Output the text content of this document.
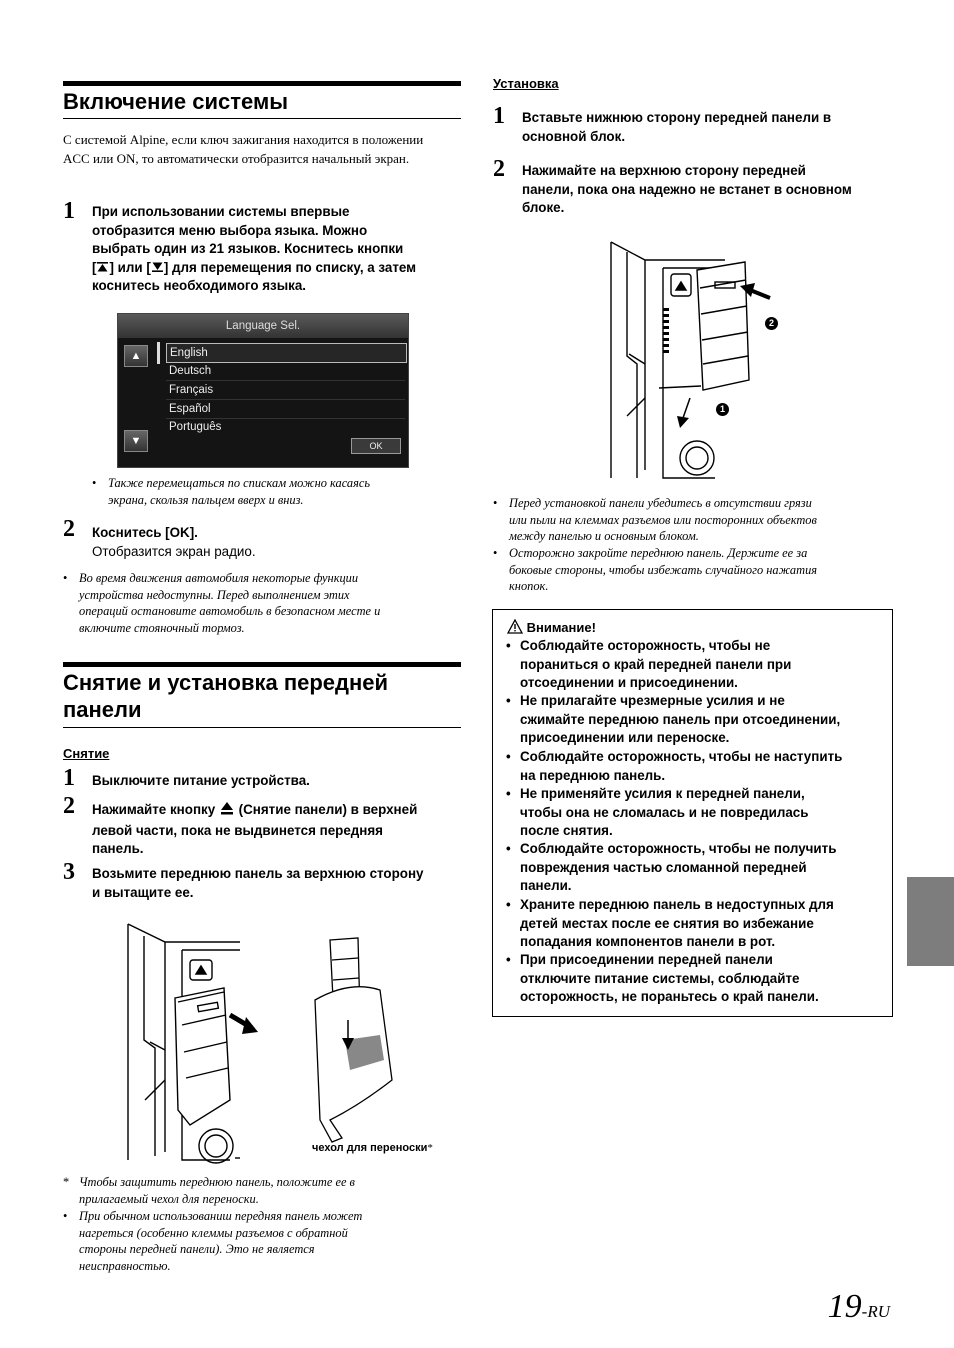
Включение системы
С системой Alpine, если ключ зажигания находится в положении ACC или ON, то автоматически отобразится начальный экран.
1 При использовании системы впервые
отобразится меню выбора языка. Можно
выбрать один из 21 языков. Коснитесь кнопки
[ ] или [ ] для перемещения по списку, а затем
коснитесь необходимого языка.
Language Sel.
▲
▼
English
Deutsch
Français
Español
Português
OK
• Также перемещаться по спискам можно касаясь
экрана, скользя пальцем вверх и вниз.
2 Коснитесь [OK].
Отобразится экран радио.
• Во время движения автомобиля некоторые функции
устройства недоступны. Перед выполнением этих
операций остановите автомобиль в безопасном месте и
включите стояночный тормоз.
Снятие и установка передней
панели
Снятие
1 Выключите питание устройства.
2 Нажимайте кнопку (Снятие панели) в верхней
левой части, пока не выдвинется передняя
панель.
3 Возьмите переднюю панель за верхнюю сторону
и вытащите ее.
чехол для переноски*
* Чтобы защитить переднюю панель, положите ее в
прилагаемый чехол для переноски.
• При обычном использованиш передняя панель может
нагреться (особенно клеммы разъемов с обратной
стороны передней панели). Это не является
неисправностью.
Установка
1 Вставьте нижнюю сторону передней панели в
основной блок.
2 Нажимайте на верхнюю сторону передней
панели, пока она надежно не встанет в основном
блоке.
2
1
• Перед установкой панели убедитесь в отсутствии грязи
или пыли на клеммах разъемов или посторонних объектов
между панелью и основным блоком.
• Осторожно закройте переднюю панель. Держите ее за
боковые стороны, чтобы избежать случайного нажатия
кнопок.
Внимание!
• Соблюдайте осторожность, чтобы не
пораниться о край передней панели при
отсоединении и присоединении.
• Не прилагайте чрезмерные усилия и не
сжимайте переднюю панель при отсоединении,
присоединении или переноске.
• Соблюдайте осторожность, чтобы не наступить
на переднюю панель.
• Не применяйте усилия к передней панели,
чтобы она не сломалась и не повредилась
после снятия.
• Соблюдайте осторожность, чтобы не получить
повреждения частью сломанной передней
панели.
• Храните переднюю панель в недоступных для
детей местах после ее снятия во избежание
попадания компонентов панели в рот.
• При присоединении передней панели
отключите питание системы, соблюдайте
осторожность, не пораньтесь о край панели.
19-RU
